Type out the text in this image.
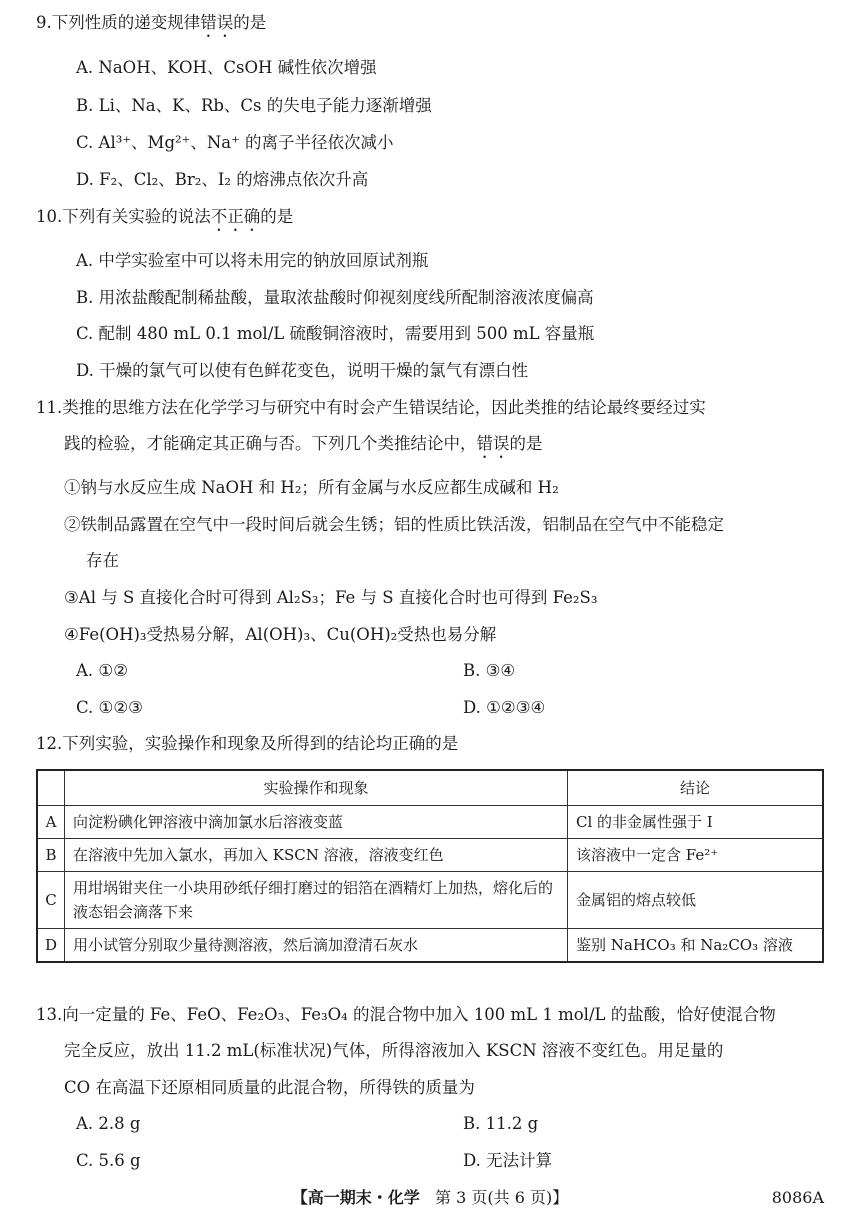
9.下列性质的递变规律错误的是
A. NaOH、KOH、CsOH 碱性依次增强
B. Li、Na、K、Rb、Cs 的失电子能力逐渐增强
C. Al³⁺、Mg²⁺、Na⁺ 的离子半径依次减小
D. F₂、Cl₂、Br₂、I₂ 的熔沸点依次升高
10.下列有关实验的说法不正确的是
A. 中学实验室中可以将未用完的钠放回原试剂瓶
B. 用浓盐酸配制稀盐酸，量取浓盐酸时仰视刻度线所配制溶液浓度偏高
C. 配制 480 mL 0.1 mol/L 硫酸铜溶液时，需要用到 500 mL 容量瓶
D. 干燥的氯气可以使有色鲜花变色，说明干燥的氯气有漂白性
11.类推的思维方法在化学学习与研究中有时会产生错误结论，因此类推的结论最终要经过实
践的检验，才能确定其正确与否。下列几个类推结论中，错误的是
①钠与水反应生成 NaOH 和 H₂；所有金属与水反应都生成碱和 H₂
②铁制品露置在空气中一段时间后就会生锈；铝的性质比铁活泼，铝制品在空气中不能稳定
存在
③Al 与 S 直接化合时可得到 Al₂S₃；Fe 与 S 直接化合时也可得到 Fe₂S₃
④Fe(OH)₃受热易分解，Al(OH)₃、Cu(OH)₂受热也易分解
A. ①②	B. ③④
C. ①②③	D. ①②③④
12.下列实验，实验操作和现象及所得到的结论均正确的是
	实验操作和现象	结论
A	向淀粉碘化钾溶液中滴加氯水后溶液变蓝	Cl 的非金属性强于 I
B	在溶液中先加入氯水，再加入 KSCN 溶液，溶液变红色	该溶液中一定含 Fe²⁺
C	用坩埚钳夹住一小块用砂纸仔细打磨过的铝箔在酒精灯上加热，熔化后的液态铝会滴落下来	金属铝的熔点较低
D	用小试管分别取少量待测溶液，然后滴加澄清石灰水	鉴别 NaHCO₃ 和 Na₂CO₃ 溶液
13.向一定量的 Fe、FeO、Fe₂O₃、Fe₃O₄ 的混合物中加入 100 mL 1 mol/L 的盐酸，恰好使混合物
完全反应，放出 11.2 mL(标准状况)气体，所得溶液加入 KSCN 溶液不变红色。用足量的
CO 在高温下还原相同质量的此混合物，所得铁的质量为
A. 2.8 g	B. 11.2 g
C. 5.6 g	D. 无法计算
【高一期末・化学 第 3 页(共 6 页)】	8086A
